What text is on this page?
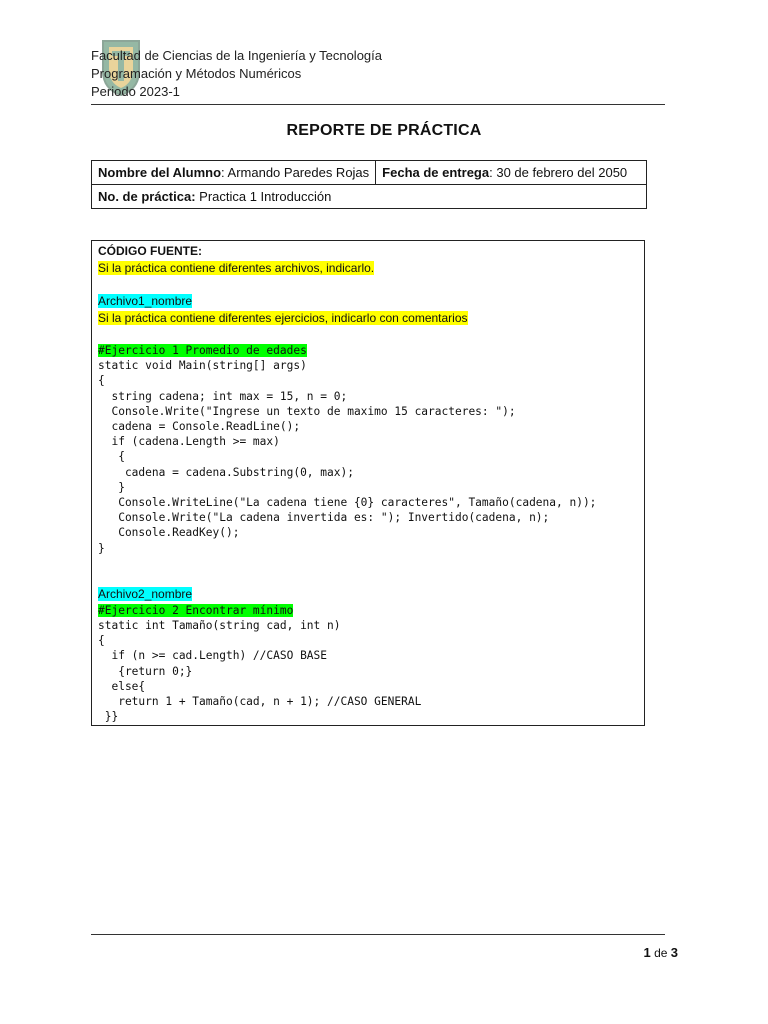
Facultad de Ciencias de la Ingeniería y Tecnología
Programación y Métodos Numéricos
Periodo 2023-1
REPORTE DE PRÁCTICA
Nombre del Alumno: Armando Paredes Rojas	Fecha de entrega: 30 de febrero del 2050
No. de práctica: Practica 1 Introducción
CÓDIGO FUENTE:
Si la práctica contiene diferentes archivos, indicarlo.
Archivo1_nombre
Si la práctica contiene diferentes ejercicios, indicarlo con comentarios
#Ejercicio 1 Promedio de edades
static void Main(string[] args)
{
string cadena; int max = 15, n = 0;
Console.Write("Ingrese un texto de maximo 15 caracteres: ");
cadena = Console.ReadLine();
if (cadena.Length >= max)
{
cadena = cadena.Substring(0, max);
}
Console.WriteLine("La cadena tiene {0} caracteres", Tamaño(cadena, n));
Console.Write("La cadena invertida es: "); Invertido(cadena, n);
Console.ReadKey();
}
Archivo2_nombre
#Ejercicio 2 Encontrar mínimo
static int Tamaño(string cad, int n)
{
if (n >= cad.Length) //CASO BASE
{return 0;}
else{
return 1 + Tamaño(cad, n + 1); //CASO GENERAL
}}
1 de 3
